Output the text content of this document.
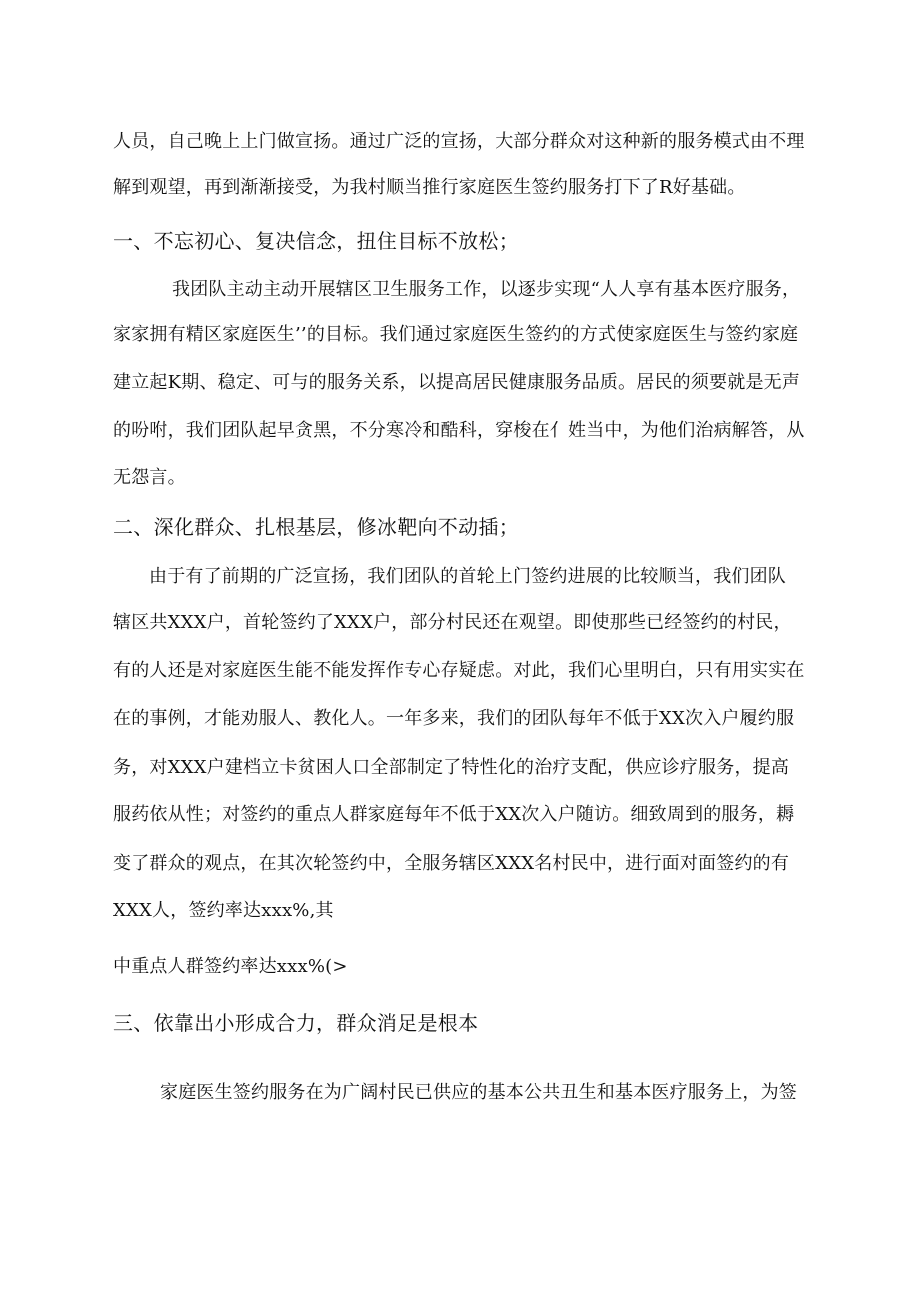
人员，自己晚上上门做宣扬。通过广泛的宣扬，大部分群众对这种新的服务模式由不理
解到观望，再到渐渐接受，为我村顺当推行家庭医生签约服务打下了R好基础。
一、不忘初心、复决信念，扭住目标不放松；
我团队主动主动开展辖区卫生服务工作，以逐步实现“人人享有基本医疗服务，
家家拥有精区家庭医生’’的目标。我们通过家庭医生签约的方式使家庭医生与签约家庭
建立起K期、稳定、可与的服务关系，以提高居民健康服务品质。居民的须要就是无声
的吩咐，我们团队起早贪黑，不分寒冷和酷科，穿梭在亻姓当中，为他们治病解答，从
无怨言。
二、深化群众、扎根基层，修冰靶向不动插；
由于有了前期的广泛宣扬，我们团队的首轮上门签约进展的比较顺当，我们团队
辖区共XXX户，首轮签约了XXX户，部分村民还在观望。即使那些已经签约的村民，
有的人还是对家庭医生能不能发挥作专心存疑虑。对此，我们心里明白，只有用实实在
在的事例，才能劝服人、教化人。一年多来，我们的团队每年不低于XX次入户履约服
务，对XXX户建档立卡贫困人口全部制定了特性化的治疗支配，供应诊疗服务，提高
服药依从性；对签约的重点人群家庭每年不低于XX次入户随访。细致周到的服务，耨
变了群众的观点，在其次轮签约中，全服务辖区XXX名村民中，进行面对面签约的有
XXX人，签约率达xxx%,其
中重点人群签约率达xxx%(>
三、依靠出小形成合力，群众消足是根本
家庭医生签约服务在为广阔村民已供应的基本公共丑生和基本医疗服务上，为签
